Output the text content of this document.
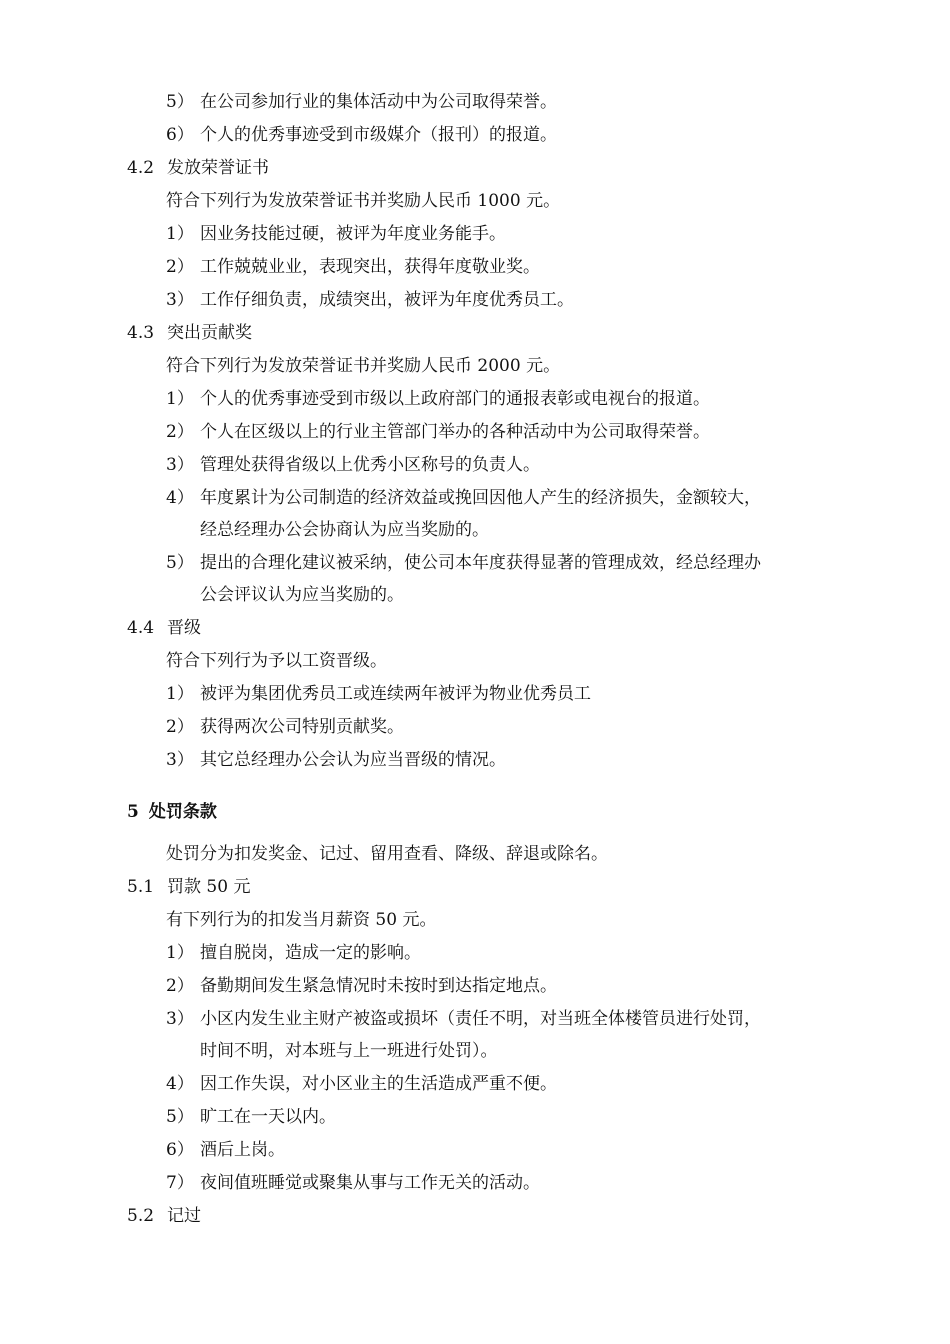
5） 在公司参加行业的集体活动中为公司取得荣誉。
6） 个人的优秀事迹受到市级媒介（报刊）的报道。
4.2 发放荣誉证书
符合下列行为发放荣誉证书并奖励人民币 1000 元。
1） 因业务技能过硬，被评为年度业务能手。
2） 工作兢兢业业，表现突出，获得年度敬业奖。
3） 工作仔细负责，成绩突出，被评为年度优秀员工。
4.3 突出贡献奖
符合下列行为发放荣誉证书并奖励人民币 2000 元。
1） 个人的优秀事迹受到市级以上政府部门的通报表彰或电视台的报道。
2） 个人在区级以上的行业主管部门举办的各种活动中为公司取得荣誉。
3） 管理处获得省级以上优秀小区称号的负责人。
4） 年度累计为公司制造的经济效益或挽回因他人产生的经济损失，金额较大，
经总经理办公会协商认为应当奖励的。
5） 提出的合理化建议被采纳，使公司本年度获得显著的管理成效，经总经理办
公会评议认为应当奖励的。
4.4 晋级
符合下列行为予以工资晋级。
1） 被评为集团优秀员工或连续两年被评为物业优秀员工
2） 获得两次公司特别贡献奖。
3） 其它总经理办公会认为应当晋级的情况。
5 处罚条款
处罚分为扣发奖金、记过、留用查看、降级、辞退或除名。
5.1 罚款 50 元
有下列行为的扣发当月薪资 50 元。
1） 擅自脱岗，造成一定的影响。
2） 备勤期间发生紧急情况时未按时到达指定地点。
3） 小区内发生业主财产被盗或损坏（责任不明，对当班全体楼管员进行处罚，
时间不明，对本班与上一班进行处罚）。
4） 因工作失误，对小区业主的生活造成严重不便。
5） 旷工在一天以内。
6） 酒后上岗。
7） 夜间值班睡觉或聚集从事与工作无关的活动。
5.2 记过
